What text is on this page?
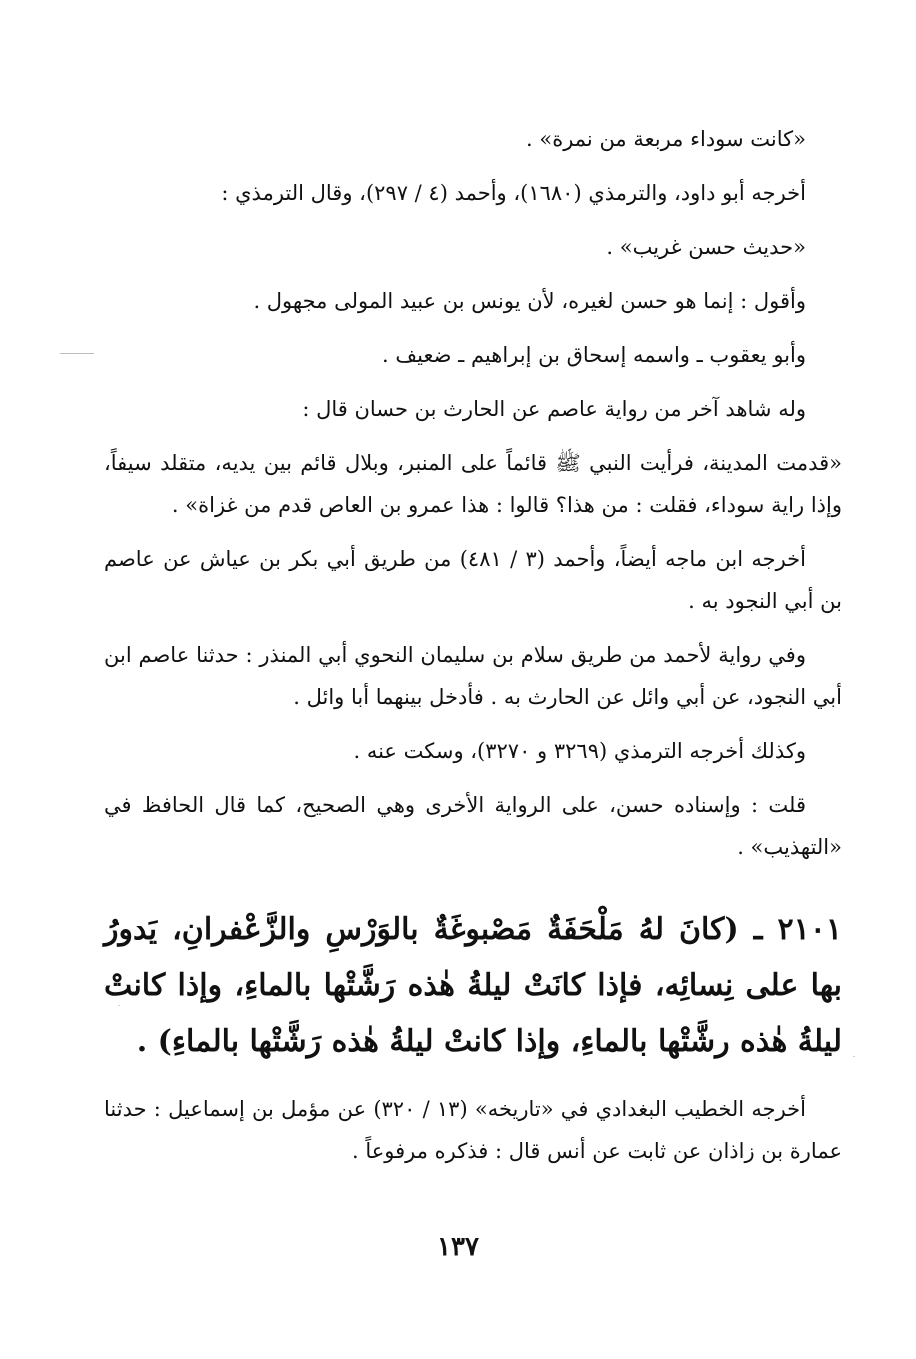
«كانت سوداء مربعة من نمرة» .

أخرجه أبو داود، والترمذي (١٦٨٠)، وأحمد (٤ / ٢٩٧)، وقال الترمذي :

«حديث حسن غريب» .

وأقول : إنما هو حسن لغيره، لأن يونس بن عبيد المولى مجهول .

وأبو يعقوب ـ واسمه إسحاق بن إبراهيم ـ ضعيف .

وله شاهد آخر من رواية عاصم عن الحارث بن حسان قال :

«قدمت المدينة، فرأيت النبي ﷺ قائماً على المنبر، وبلال قائم بين يديه، متقلد سيفاً، وإذا راية سوداء، فقلت : من هذا؟ قالوا : هذا عمرو بن العاص قدم من غزاة» .

أخرجه ابن ماجه أيضاً، وأحمد (٣ / ٤٨١) من طريق أبي بكر بن عياش عن عاصم بن أبي النجود به .

وفي رواية لأحمد من طريق سلام بن سليمان النحوي أبي المنذر : حدثنا عاصم ابن أبي النجود، عن أبي وائل عن الحارث به . فأدخل بينهما أبا وائل .

وكذلك أخرجه الترمذي (٣٢٦٩ و ٣٢٧٠)، وسكت عنه .

قلت : وإسناده حسن، على الرواية الأخرى وهي الصحيح، كما قال الحافظ في «التهذيب» .

٢١٠١ ـ (كانَ لهُ مَلْحَفَةٌ مَصْبوغَةٌ بالوَرْسِ والزَّعْفرانِ، يَدورُ بها على نِسائِه، فإذا كانَتْ ليلةُ هٰذه رَشَّتْها بالماءِ، وإذا كانتْ ليلةُ هٰذه رشَّتْها بالماءِ، وإذا كانتْ ليلةُ هٰذه رَشَّتْها بالماءِ) .

أخرجه الخطيب البغدادي في «تاريخه» (١٣ / ٣٢٠) عن مؤمل بن إسماعيل : حدثنا عمارة بن زاذان عن ثابت عن أنس قال : فذكره مرفوعاً .

١٣٧
